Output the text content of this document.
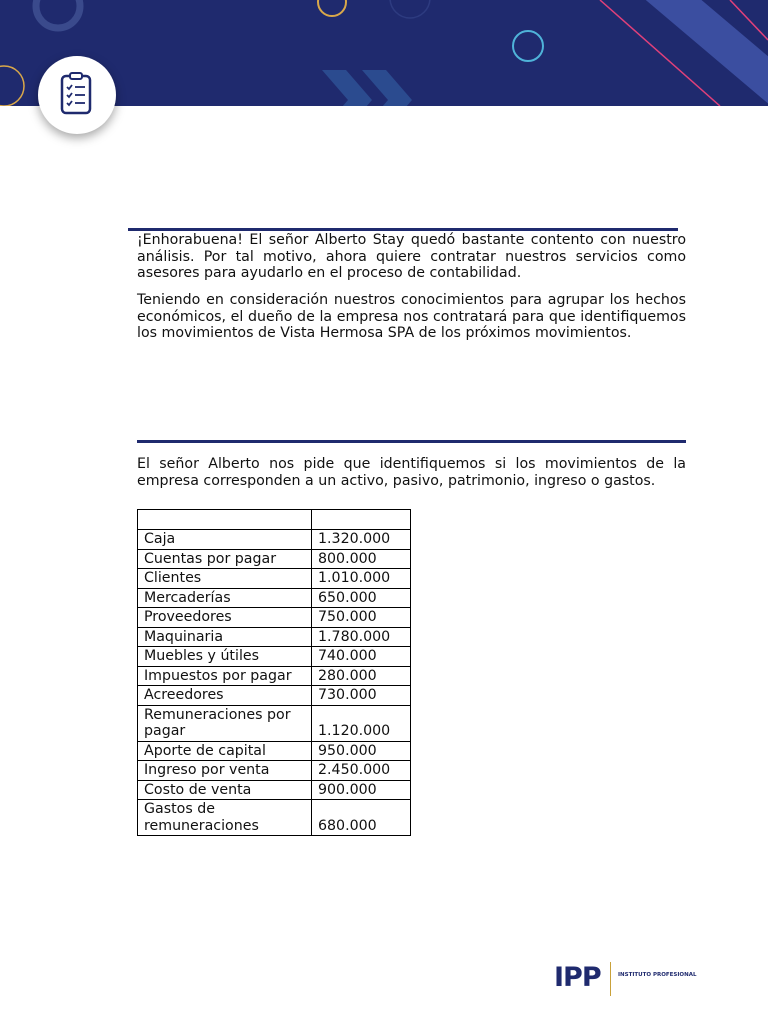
¡Enhorabuena! El señor Alberto Stay quedó bastante contento con nuestro análisis. Por tal motivo, ahora quiere contratar nuestros servicios como asesores para ayudarlo en el proceso de contabilidad.

Teniendo en consideración nuestros conocimientos para agrupar los hechos económicos, el dueño de la empresa nos contratará para que identifiquemos los movimientos de Vista Hermosa SPA de los próximos movimientos.

El señor Alberto nos pide que identifiquemos si los movimientos de la empresa corresponden a un activo, pasivo, patrimonio, ingreso o gastos.

Caja	1.320.000
Cuentas por pagar	800.000
Clientes	1.010.000
Mercaderías	650.000
Proveedores	750.000
Maquinaria	1.780.000
Muebles y útiles	740.000
Impuestos por pagar	280.000
Acreedores	730.000
Remuneraciones por pagar	1.120.000
Aporte de capital	950.000
Ingreso por venta	2.450.000
Costo de venta	900.000
Gastos de remuneraciones	680.000
IPP	INSTITUTO PROFESIONAL
